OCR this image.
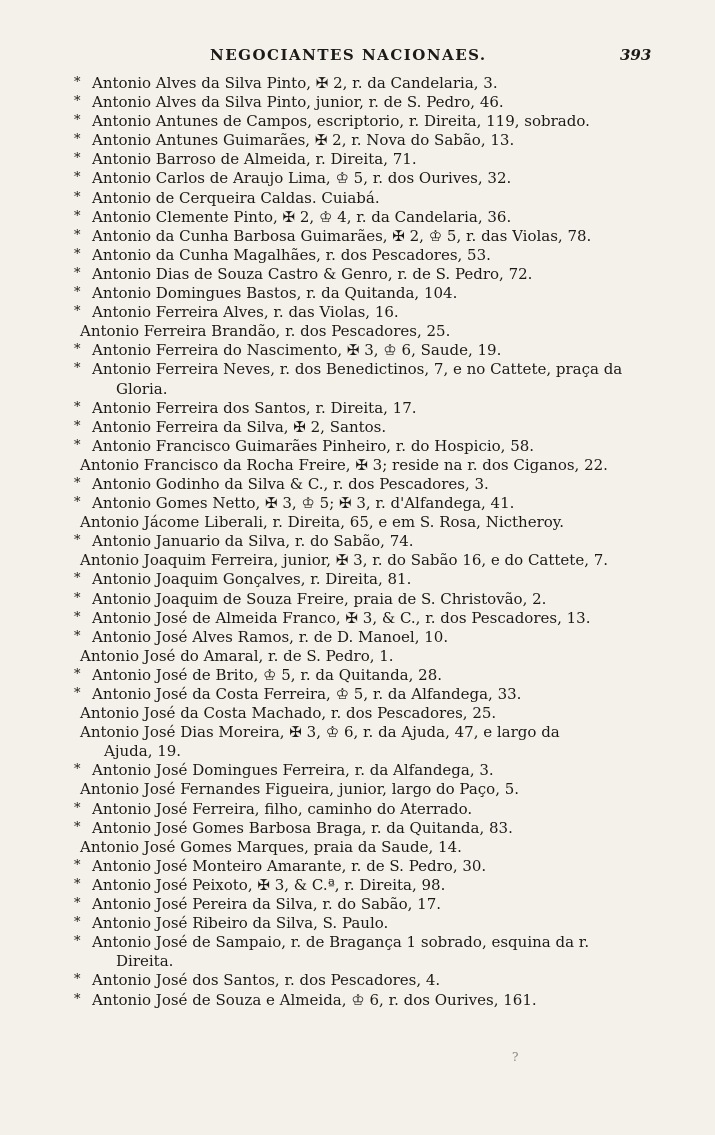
NEGOCIANTES NACIONAES.	393
* Antonio Alves da Silva Pinto, ✠ 2, r. da Candelaria, 3.
* Antonio Alves da Silva Pinto, junior, r. de S. Pedro, 46.
* Antonio Antunes de Campos, escriptorio, r. Direita, 119, sobrado.
* Antonio Antunes Guimarães, ✠ 2, r. Nova do Sabão, 13.
* Antonio Barroso de Almeida, r. Direita, 71.
* Antonio Carlos de Araujo Lima, ♔ 5, r. dos Ourives, 32.
* Antonio de Cerqueira Caldas. Cuiabá.
* Antonio Clemente Pinto, ✠ 2, ♔ 4, r. da Candelaria, 36.
* Antonio da Cunha Barbosa Guimarães, ✠ 2, ♔ 5, r. das Violas, 78.
* Antonio da Cunha Magalhães, r. dos Pescadores, 53.
* Antonio Dias de Souza Castro & Genro, r. de S. Pedro, 72.
* Antonio Domingues Bastos, r. da Quitanda, 104.
* Antonio Ferreira Alves, r. das Violas, 16.
Antonio Ferreira Brandão, r. dos Pescadores, 25.
* Antonio Ferreira do Nascimento, ✠ 3, ♔ 6, Saude, 19.
* Antonio Ferreira Neves, r. dos Benedictinos, 7, e no Cattete, praça da
Gloria.
* Antonio Ferreira dos Santos, r. Direita, 17.
* Antonio Ferreira da Silva, ✠ 2, Santos.
* Antonio Francisco Guimarães Pinheiro, r. do Hospicio, 58.
Antonio Francisco da Rocha Freire, ✠ 3; reside na r. dos Ciganos, 22.
* Antonio Godinho da Silva & C., r. dos Pescadores, 3.
* Antonio Gomes Netto, ✠ 3, ♔ 5; ✠ 3, r. d'Alfandega, 41.
Antonio Jácome Liberali, r. Direita, 65, e em S. Rosa, Nictheroy.
* Antonio Januario da Silva, r. do Sabão, 74.
Antonio Joaquim Ferreira, junior, ✠ 3, r. do Sabão 16, e do Cattete, 7.
* Antonio Joaquim Gonçalves, r. Direita, 81.
* Antonio Joaquim de Souza Freire, praia de S. Christovão, 2.
* Antonio José de Almeida Franco, ✠ 3, & C., r. dos Pescadores, 13.
* Antonio José Alves Ramos, r. de D. Manoel, 10.
Antonio José do Amaral, r. de S. Pedro, 1.
* Antonio José de Brito, ♔ 5, r. da Quitanda, 28.
* Antonio José da Costa Ferreira, ♔ 5, r. da Alfandega, 33.
Antonio José da Costa Machado, r. dos Pescadores, 25.
Antonio José Dias Moreira, ✠ 3, ♔ 6, r. da Ajuda, 47, e largo da
Ajuda, 19.
* Antonio José Domingues Ferreira, r. da Alfandega, 3.
Antonio José Fernandes Figueira, junior, largo do Paço, 5.
* Antonio José Ferreira, filho, caminho do Aterrado.
* Antonio José Gomes Barbosa Braga, r. da Quitanda, 83.
Antonio José Gomes Marques, praia da Saude, 14.
* Antonio José Monteiro Amarante, r. de S. Pedro, 30.
* Antonio José Peixoto, ✠ 3, & C.ª, r. Direita, 98.
* Antonio José Pereira da Silva, r. do Sabão, 17.
* Antonio José Ribeiro da Silva, S. Paulo.
* Antonio José de Sampaio, r. de Bragança 1 sobrado, esquina da r.
Direita.
* Antonio José dos Santos, r. dos Pescadores, 4.
* Antonio José de Souza e Almeida, ♔ 6, r. dos Ourives, 161.
?
